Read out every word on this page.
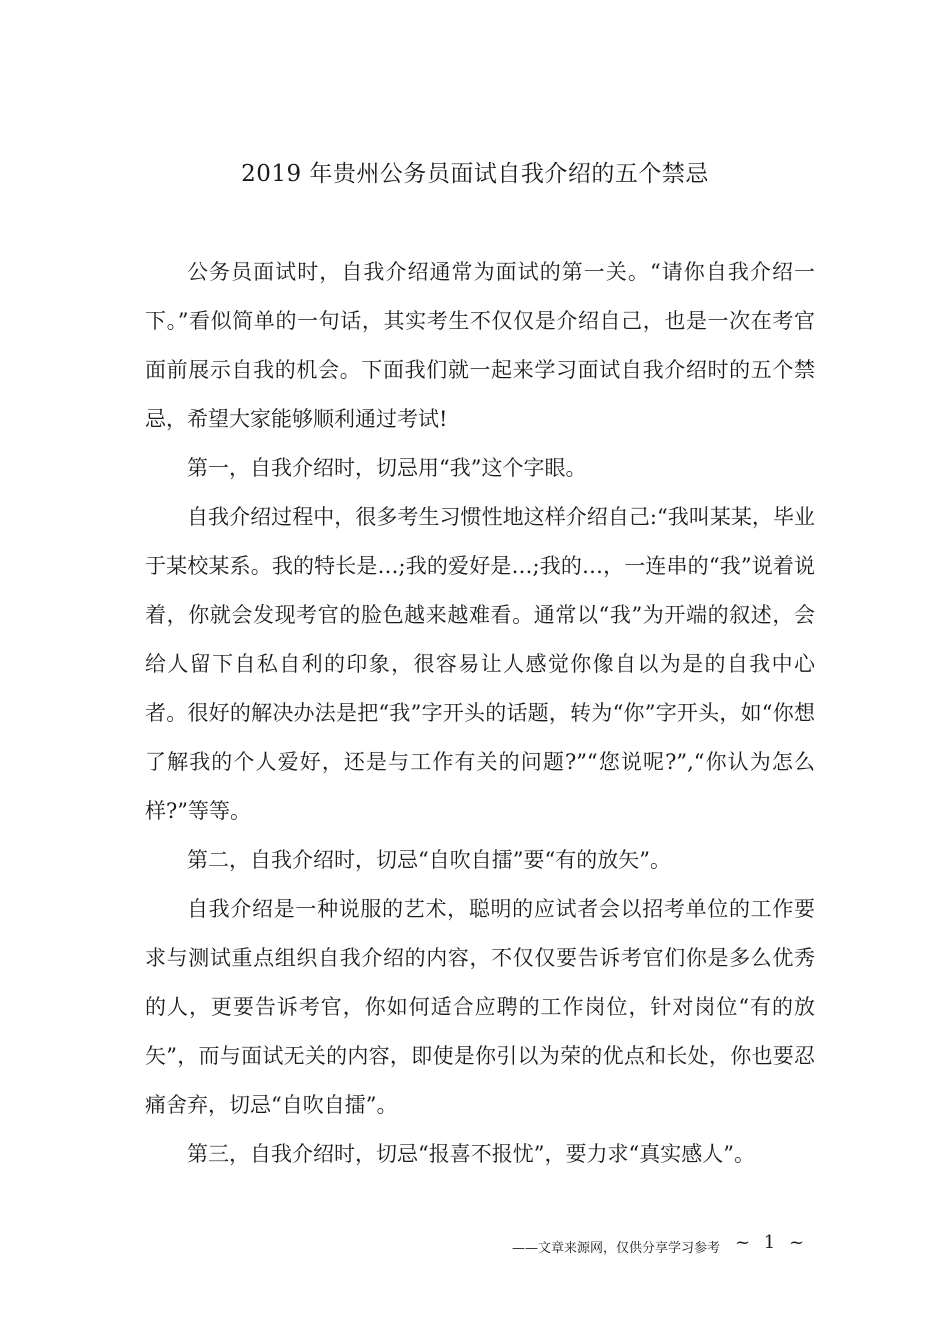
2019 年贵州公务员面试自我介绍的五个禁忌

公务员面试时，自我介绍通常为面试的第一关。“请你自我介绍一下。”看似简单的一句话，其实考生不仅仅是介绍自己，也是一次在考官面前展示自我的机会。下面我们就一起来学习面试自我介绍时的五个禁忌，希望大家能够顺利通过考试!

第一，自我介绍时，切忌用“我”这个字眼。

自我介绍过程中，很多考生习惯性地这样介绍自己:“我叫某某，毕业于某校某系。我的特长是…;我的爱好是…;我的…，一连串的“我”说着说着，你就会发现考官的脸色越来越难看。通常以“我”为开端的叙述，会给人留下自私自利的印象，很容易让人感觉你像自以为是的自我中心者。很好的解决办法是把“我”字开头的话题，转为“你”字开头，如“你想了解我的个人爱好，还是与工作有关的问题?”“您说呢?”,“你认为怎么样?”等等。

第二，自我介绍时，切忌“自吹自擂”要“有的放矢”。

自我介绍是一种说服的艺术，聪明的应试者会以招考单位的工作要求与测试重点组织自我介绍的内容，不仅仅要告诉考官们你是多么优秀的人，更要告诉考官，你如何适合应聘的工作岗位，针对岗位“有的放矢”，而与面试无关的内容，即使是你引以为荣的优点和长处，你也要忍痛舍弃，切忌“自吹自擂”。

第三，自我介绍时，切忌“报喜不报忧”，要力求“真实感人”。

——文章来源网，仅供分享学习参考 ~ 1 ~
